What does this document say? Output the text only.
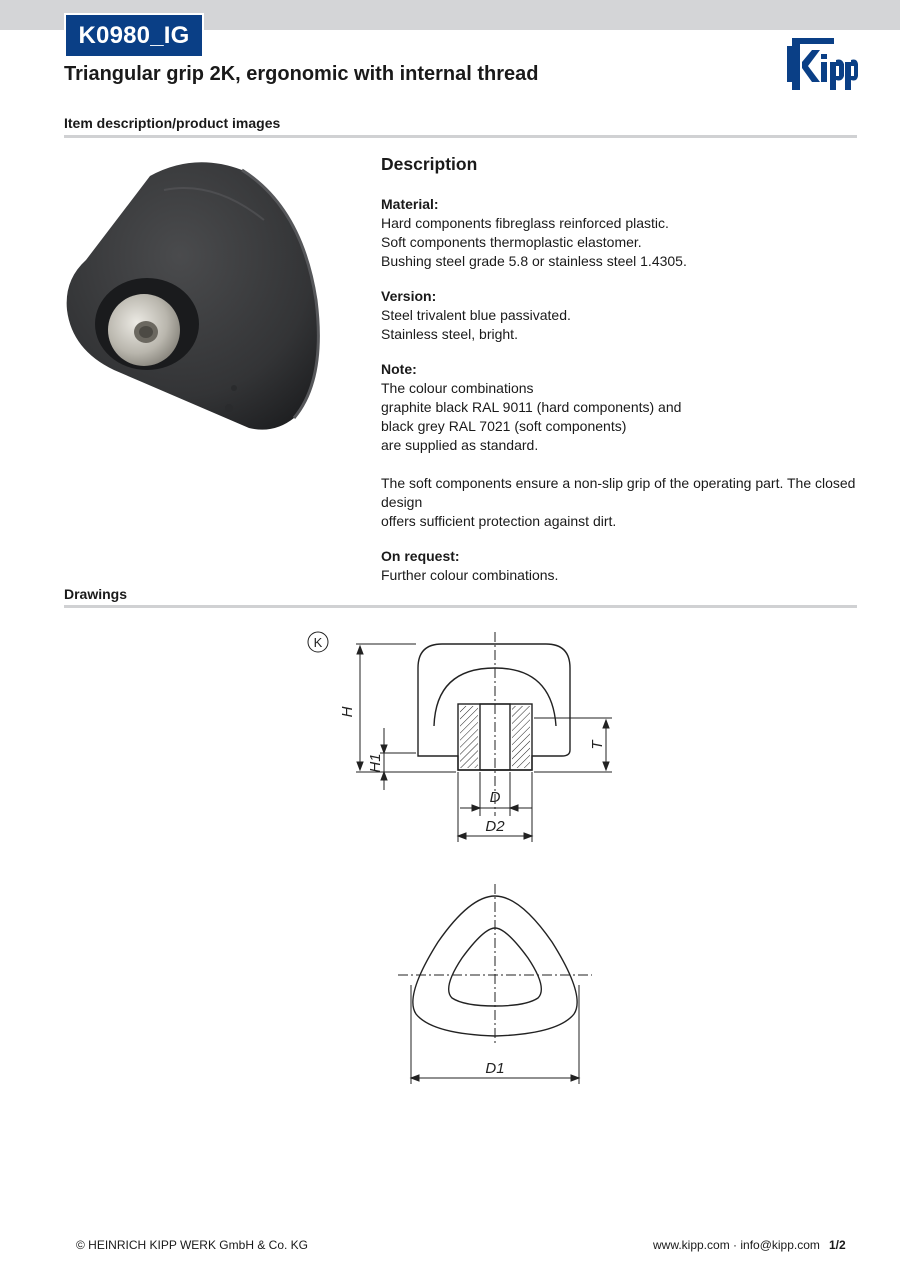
K0980_IG
Triangular grip 2K, ergonomic with internal thread
Item description/product images
Description
Material:
Hard components fibreglass reinforced plastic.
Soft components thermoplastic elastomer.
Bushing steel grade 5.8 or stainless steel 1.4305.
Version:
Steel trivalent blue passivated.
Stainless steel, bright.
Note:
The colour combinations
graphite black RAL 9011 (hard components) and
black grey RAL 7021 (soft components)
are supplied as standard.
The soft components ensure a non-slip grip of the operating part. The closed design
offers sufficient protection against dirt.
On request:
Further colour combinations.
Drawings
K
H
H1
T
D
D2
D1
© HEINRICH KIPP WERK GmbH & Co. KG	www.kipp.com · info@kipp.com 1/2
